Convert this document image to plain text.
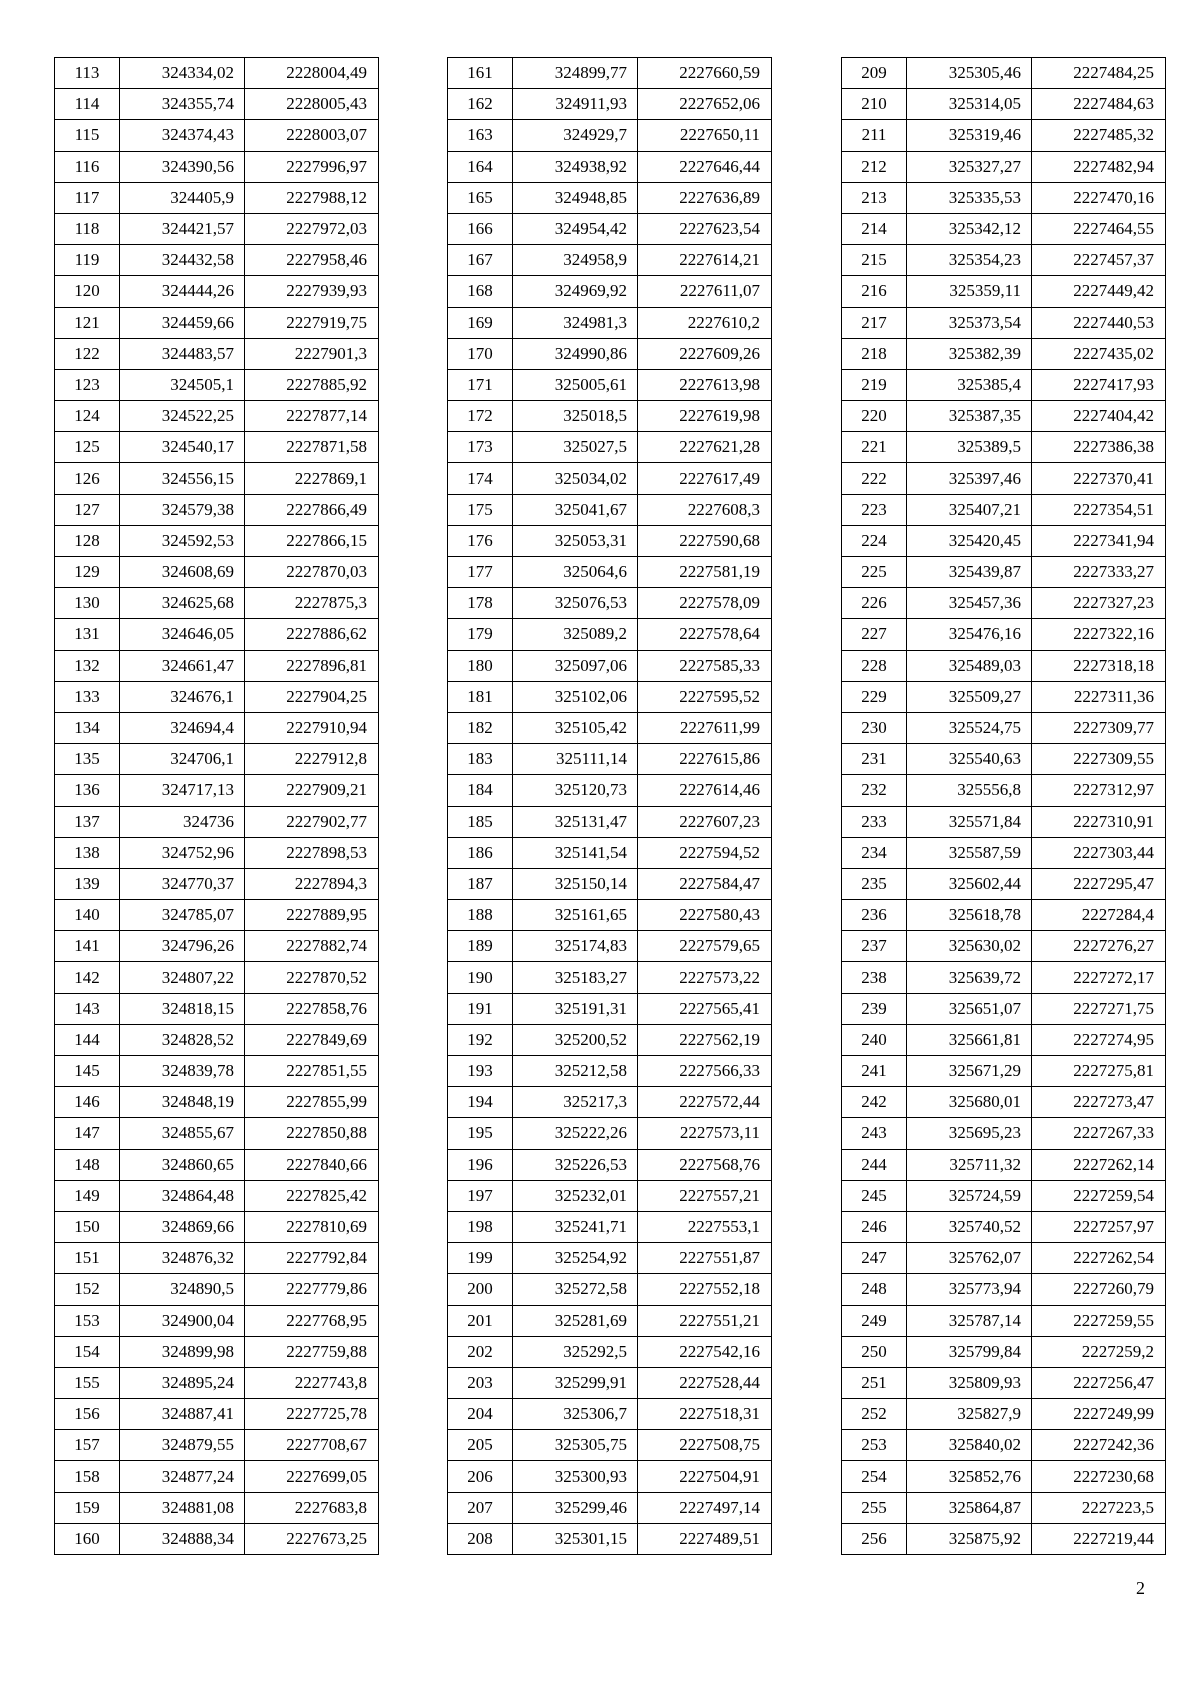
113	324334,02	2228004,49
114	324355,74	2228005,43
115	324374,43	2228003,07
116	324390,56	2227996,97
117	324405,9	2227988,12
118	324421,57	2227972,03
119	324432,58	2227958,46
120	324444,26	2227939,93
121	324459,66	2227919,75
122	324483,57	2227901,3
123	324505,1	2227885,92
124	324522,25	2227877,14
125	324540,17	2227871,58
126	324556,15	2227869,1
127	324579,38	2227866,49
128	324592,53	2227866,15
129	324608,69	2227870,03
130	324625,68	2227875,3
131	324646,05	2227886,62
132	324661,47	2227896,81
133	324676,1	2227904,25
134	324694,4	2227910,94
135	324706,1	2227912,8
136	324717,13	2227909,21
137	324736	2227902,77
138	324752,96	2227898,53
139	324770,37	2227894,3
140	324785,07	2227889,95
141	324796,26	2227882,74
142	324807,22	2227870,52
143	324818,15	2227858,76
144	324828,52	2227849,69
145	324839,78	2227851,55
146	324848,19	2227855,99
147	324855,67	2227850,88
148	324860,65	2227840,66
149	324864,48	2227825,42
150	324869,66	2227810,69
151	324876,32	2227792,84
152	324890,5	2227779,86
153	324900,04	2227768,95
154	324899,98	2227759,88
155	324895,24	2227743,8
156	324887,41	2227725,78
157	324879,55	2227708,67
158	324877,24	2227699,05
159	324881,08	2227683,8
160	324888,34	2227673,25
161	324899,77	2227660,59
162	324911,93	2227652,06
163	324929,7	2227650,11
164	324938,92	2227646,44
165	324948,85	2227636,89
166	324954,42	2227623,54
167	324958,9	2227614,21
168	324969,92	2227611,07
169	324981,3	2227610,2
170	324990,86	2227609,26
171	325005,61	2227613,98
172	325018,5	2227619,98
173	325027,5	2227621,28
174	325034,02	2227617,49
175	325041,67	2227608,3
176	325053,31	2227590,68
177	325064,6	2227581,19
178	325076,53	2227578,09
179	325089,2	2227578,64
180	325097,06	2227585,33
181	325102,06	2227595,52
182	325105,42	2227611,99
183	325111,14	2227615,86
184	325120,73	2227614,46
185	325131,47	2227607,23
186	325141,54	2227594,52
187	325150,14	2227584,47
188	325161,65	2227580,43
189	325174,83	2227579,65
190	325183,27	2227573,22
191	325191,31	2227565,41
192	325200,52	2227562,19
193	325212,58	2227566,33
194	325217,3	2227572,44
195	325222,26	2227573,11
196	325226,53	2227568,76
197	325232,01	2227557,21
198	325241,71	2227553,1
199	325254,92	2227551,87
200	325272,58	2227552,18
201	325281,69	2227551,21
202	325292,5	2227542,16
203	325299,91	2227528,44
204	325306,7	2227518,31
205	325305,75	2227508,75
206	325300,93	2227504,91
207	325299,46	2227497,14
208	325301,15	2227489,51
209	325305,46	2227484,25
210	325314,05	2227484,63
211	325319,46	2227485,32
212	325327,27	2227482,94
213	325335,53	2227470,16
214	325342,12	2227464,55
215	325354,23	2227457,37
216	325359,11	2227449,42
217	325373,54	2227440,53
218	325382,39	2227435,02
219	325385,4	2227417,93
220	325387,35	2227404,42
221	325389,5	2227386,38
222	325397,46	2227370,41
223	325407,21	2227354,51
224	325420,45	2227341,94
225	325439,87	2227333,27
226	325457,36	2227327,23
227	325476,16	2227322,16
228	325489,03	2227318,18
229	325509,27	2227311,36
230	325524,75	2227309,77
231	325540,63	2227309,55
232	325556,8	2227312,97
233	325571,84	2227310,91
234	325587,59	2227303,44
235	325602,44	2227295,47
236	325618,78	2227284,4
237	325630,02	2227276,27
238	325639,72	2227272,17
239	325651,07	2227271,75
240	325661,81	2227274,95
241	325671,29	2227275,81
242	325680,01	2227273,47
243	325695,23	2227267,33
244	325711,32	2227262,14
245	325724,59	2227259,54
246	325740,52	2227257,97
247	325762,07	2227262,54
248	325773,94	2227260,79
249	325787,14	2227259,55
250	325799,84	2227259,2
251	325809,93	2227256,47
252	325827,9	2227249,99
253	325840,02	2227242,36
254	325852,76	2227230,68
255	325864,87	2227223,5
256	325875,92	2227219,44
2
